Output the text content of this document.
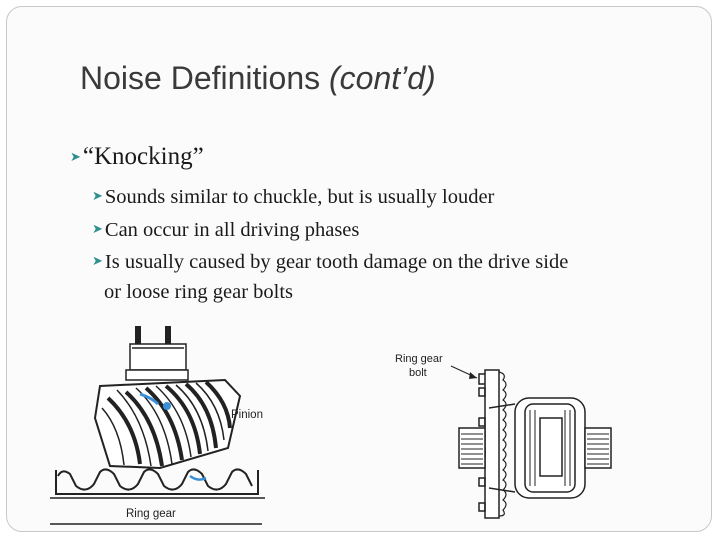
Noise Definitions (cont’d)
➤“Knocking”
➤Sounds similar to chuckle, but is usually louder
➤Can occur in all driving phases
➤Is usually caused by gear tooth damage on the drive side
or loose ring gear bolts
Pinion
Ring gear
Ring gear
bolt
